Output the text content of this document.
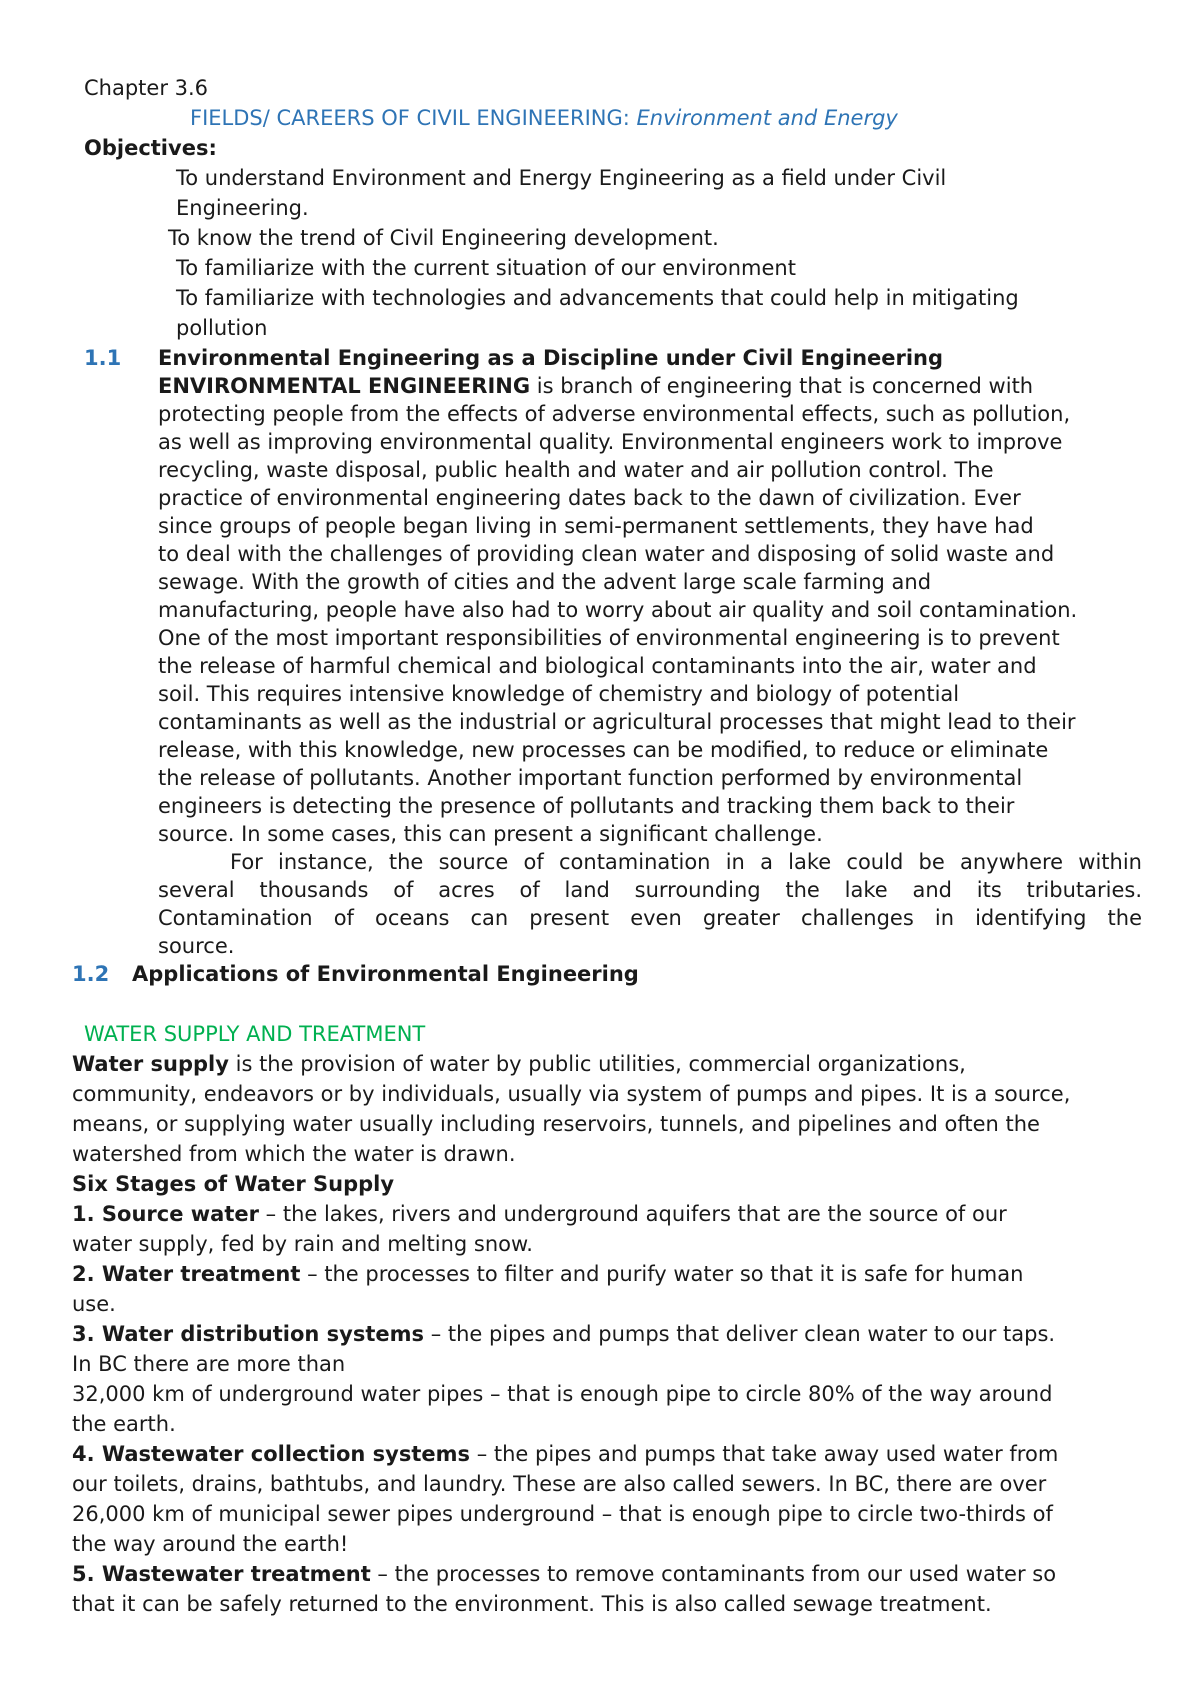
Chapter 3.6
FIELDS/ CAREERS OF CIVIL ENGINEERING: Environment and Energy
Objectives:
To understand Environment and Energy Engineering as a field under Civil
Engineering.
To know the trend of Civil Engineering development.
To familiarize with the current situation of our environment
To familiarize with technologies and advancements that could help in mitigating
pollution
1.1 Environmental Engineering as a Discipline under Civil Engineering
ENVIRONMENTAL ENGINEERING is branch of engineering that is concerned with
protecting people from the effects of adverse environmental effects, such as pollution,
as well as improving environmental quality. Environmental engineers work to improve
recycling, waste disposal, public health and water and air pollution control. The
practice of environmental engineering dates back to the dawn of civilization. Ever
since groups of people began living in semi-permanent settlements, they have had
to deal with the challenges of providing clean water and disposing of solid waste and
sewage. With the growth of cities and the advent large scale farming and
manufacturing, people have also had to worry about air quality and soil contamination.
One of the most important responsibilities of environmental engineering is to prevent
the release of harmful chemical and biological contaminants into the air, water and
soil. This requires intensive knowledge of chemistry and biology of potential
contaminants as well as the industrial or agricultural processes that might lead to their
release, with this knowledge, new processes can be modified, to reduce or eliminate
the release of pollutants. Another important function performed by environmental
engineers is detecting the presence of pollutants and tracking them back to their
source. In some cases, this can present a significant challenge.
For instance, the source of contamination in a lake could be anywhere within
several thousands of acres of land surrounding the lake and its tributaries.
Contamination of oceans can present even greater challenges in identifying the
source.
1.2 Applications of Environmental Engineering
WATER SUPPLY AND TREATMENT
Water supply is the provision of water by public utilities, commercial organizations,
community, endeavors or by individuals, usually via system of pumps and pipes. It is a source,
means, or supplying water usually including reservoirs, tunnels, and pipelines and often the
watershed from which the water is drawn.
Six Stages of Water Supply
1. Source water – the lakes, rivers and underground aquifers that are the source of our
water supply, fed by rain and melting snow.
2. Water treatment – the processes to filter and purify water so that it is safe for human
use.
3. Water distribution systems – the pipes and pumps that deliver clean water to our taps.
In BC there are more than
32,000 km of underground water pipes – that is enough pipe to circle 80% of the way around
the earth.
4. Wastewater collection systems – the pipes and pumps that take away used water from
our toilets, drains, bathtubs, and laundry. These are also called sewers. In BC, there are over
26,000 km of municipal sewer pipes underground – that is enough pipe to circle two-thirds of
the way around the earth!
5. Wastewater treatment – the processes to remove contaminants from our used water so
that it can be safely returned to the environment. This is also called sewage treatment.
